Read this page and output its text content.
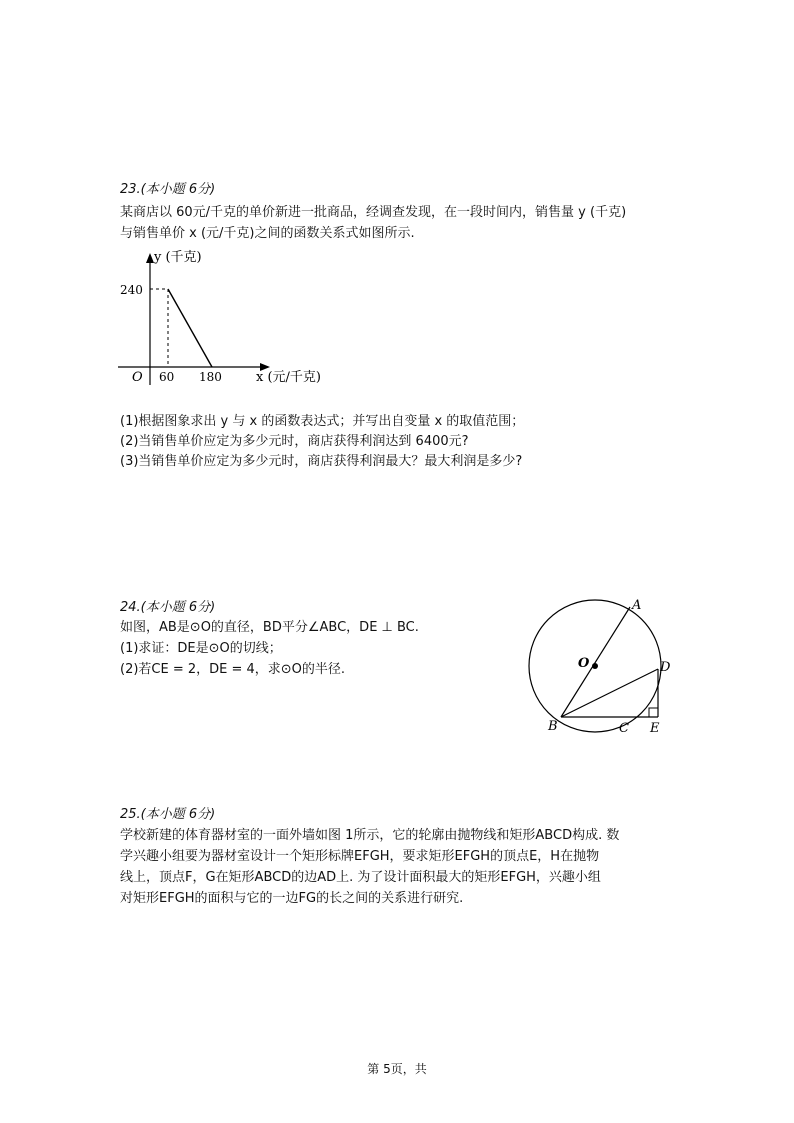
23.(本小题 6分)
某商店以 60元/千克的单价新进一批商品，经调查发现，在一段时间内，销售量 y (千克)
与销售单价 x (元/千克)之间的函数关系式如图所示.
y (千克)
x (元/千克)
O
240
60 180
(1)根据图象求出 y 与 x 的函数表达式；并写出自变量 x 的取值范围；
(2)当销售单价应定为多少元时，商店获得利润达到 6400元?
(3)当销售单价应定为多少元时，商店获得利润最大？最大利润是多少?
24.(本小题 6分)
如图，AB是⊙O的直径，BD平分∠ABC，DE ⊥ BC.
(1)求证：DE是⊙O的切线；
(2)若CE = 2，DE = 4，求⊙O的半径.
A
O	D
B	C E
25.(本小题 6分)
学校新建的体育器材室的一面外墙如图 1所示，它的轮廓由抛物线和矩形ABCD构成. 数
学兴趣小组要为器材室设计一个矩形标牌EFGH，要求矩形EFGH的顶点E，H在抛物
线上，顶点F，G在矩形ABCD的边AD上. 为了设计面积最大的矩形EFGH，兴趣小组
对矩形EFGH的面积与它的一边FG的长之间的关系进行研究.
第 5页，共
